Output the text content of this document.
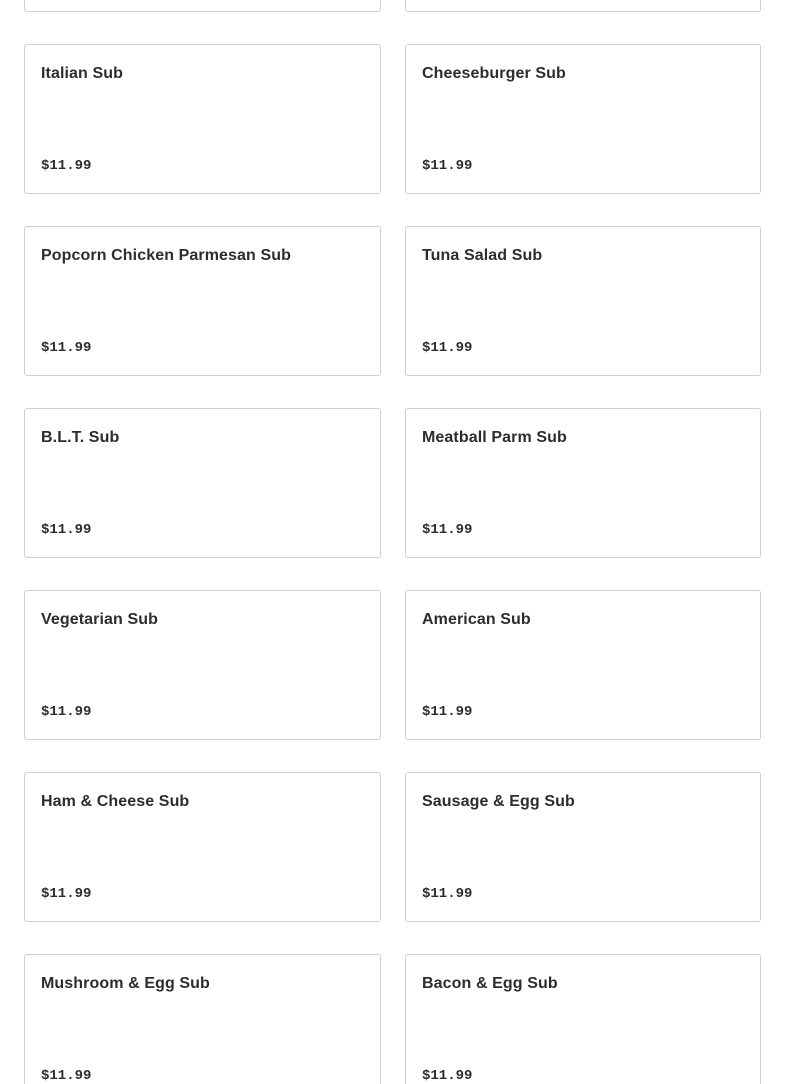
Italian Sub
$11.99
Cheeseburger Sub
$11.99
Popcorn Chicken Parmesan Sub
$11.99
Tuna Salad Sub
$11.99
B.L.T. Sub
$11.99
Meatball Parm Sub
$11.99
Vegetarian Sub
$11.99
American Sub
$11.99
Ham & Cheese Sub
$11.99
Sausage & Egg Sub
$11.99
Mushroom & Egg Sub
$11.99
Bacon & Egg Sub
$11.99
